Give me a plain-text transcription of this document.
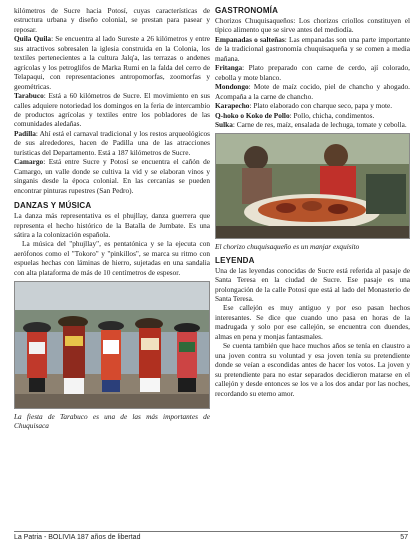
kilómetros de Sucre hacia Potosí, cuyas características de estructura urbana y diseño colonial, se prestan para pasear y reposar.

Quila Quila: Se encuentra al lado Sureste a 26 kilómetros y entre sus atractivos sobresalen la iglesia construida en la Colonia, los textiles pertenecientes a la cultura Jalq'a, las terrazas o andenes agrícolas y los petroglifos de Marka Rumi en la falda del cerro de Telapaqui, con representaciones antropomorfas, zoomorfas y geométricas.

Tarabuco: Está a 60 kilómetros de Sucre. El movimiento en sus calles adquiere notoriedad los domingos en la feria de intercambio de productos agrícolas y textiles entre los pobladores de las comunidades aledañas.

Padilla: Ahí está el carnaval tradicional y los restos arqueológicos de sus alrededores, hacen de Padilla una de las atracciones turísticas del Departamento. Está a 187 kilómetros de Sucre.

Camargo: Está entre Sucre y Potosí se encuentra el cañón de Camargo, un valle donde se cultiva la vid y se elaboran vinos y singanis desde la época colonial. En las cercanías se pueden encontrar pinturas rupestres (San Pedro).

DANZAS Y MÚSICA

La danza más representativa es el phujllay, danza guerrera que representa el hecho histórico de la Batalla de Jumbate. Es una sátira a la colonización española.

La música del "phujllay", es pentatónica y se la ejecuta con aerófonos como el "Tokoro" y "pinkillos", se marca su ritmo con espuelas hechas con láminas de hierro, sujetadas en una sandalia con alta plataforma de más de 10 centímetros de espesor.

La fiesta de Tarabuco es una de las más importantes de Chuquisaca

GASTRONOMÍA

Chorizos Chuquisaqueños: Los chorizos criollos constituyen el típico alimento que se sirve antes del mediodía.

Empanadas o salteñas: Las empanadas son una parte importante de la tradicional gastronomía chuquisaqueña y se comen a media mañana.

Fritanga: Plato preparado con carne de cerdo, ají colorado, cebolla y mote blanco.

Mondongo: Mote de maíz cocido, piel de chancho y ahogado. Acompaña a la carne de chancho.

Karapecho: Plato elaborado con charque seco, papa y mote.

Q-hoko o Koko de Pollo: Pollo, chicha, condimentos.

Sulka: Carne de res, maíz, ensalada de lechuga, tomate y cebolla.

El chorizo chuquisaqueño es un manjar exquisito

LEYENDA

Una de las leyendas conocidas de Sucre está referida al pasaje de Santa Teresa en la ciudad de Sucre. Ese pasaje es una prolongación de la calle Potosí que está al lado del Monasterio de Santa Teresa.

Ese callejón es muy antiguo y por eso pasan hechos interesantes. Se dice que cuando uno pasa en horas de la madrugada y solo por ese callejón, se encuentra con duendes, almas en pena y monjas fantasmales.

Se cuenta también que hace muchos años se tenía en claustro a una joven contra su voluntad y esa joven tenía su pretendiente donde se veían a escondidas antes de hacer los votos. La joven y su pretendiente para no estar separados decidieron matarse en el callejón y desde entonces se los ve a los dos andar por las noches, recordando su eterno amor.

La Patria - BOLIVIA 187 años de libertad	57
